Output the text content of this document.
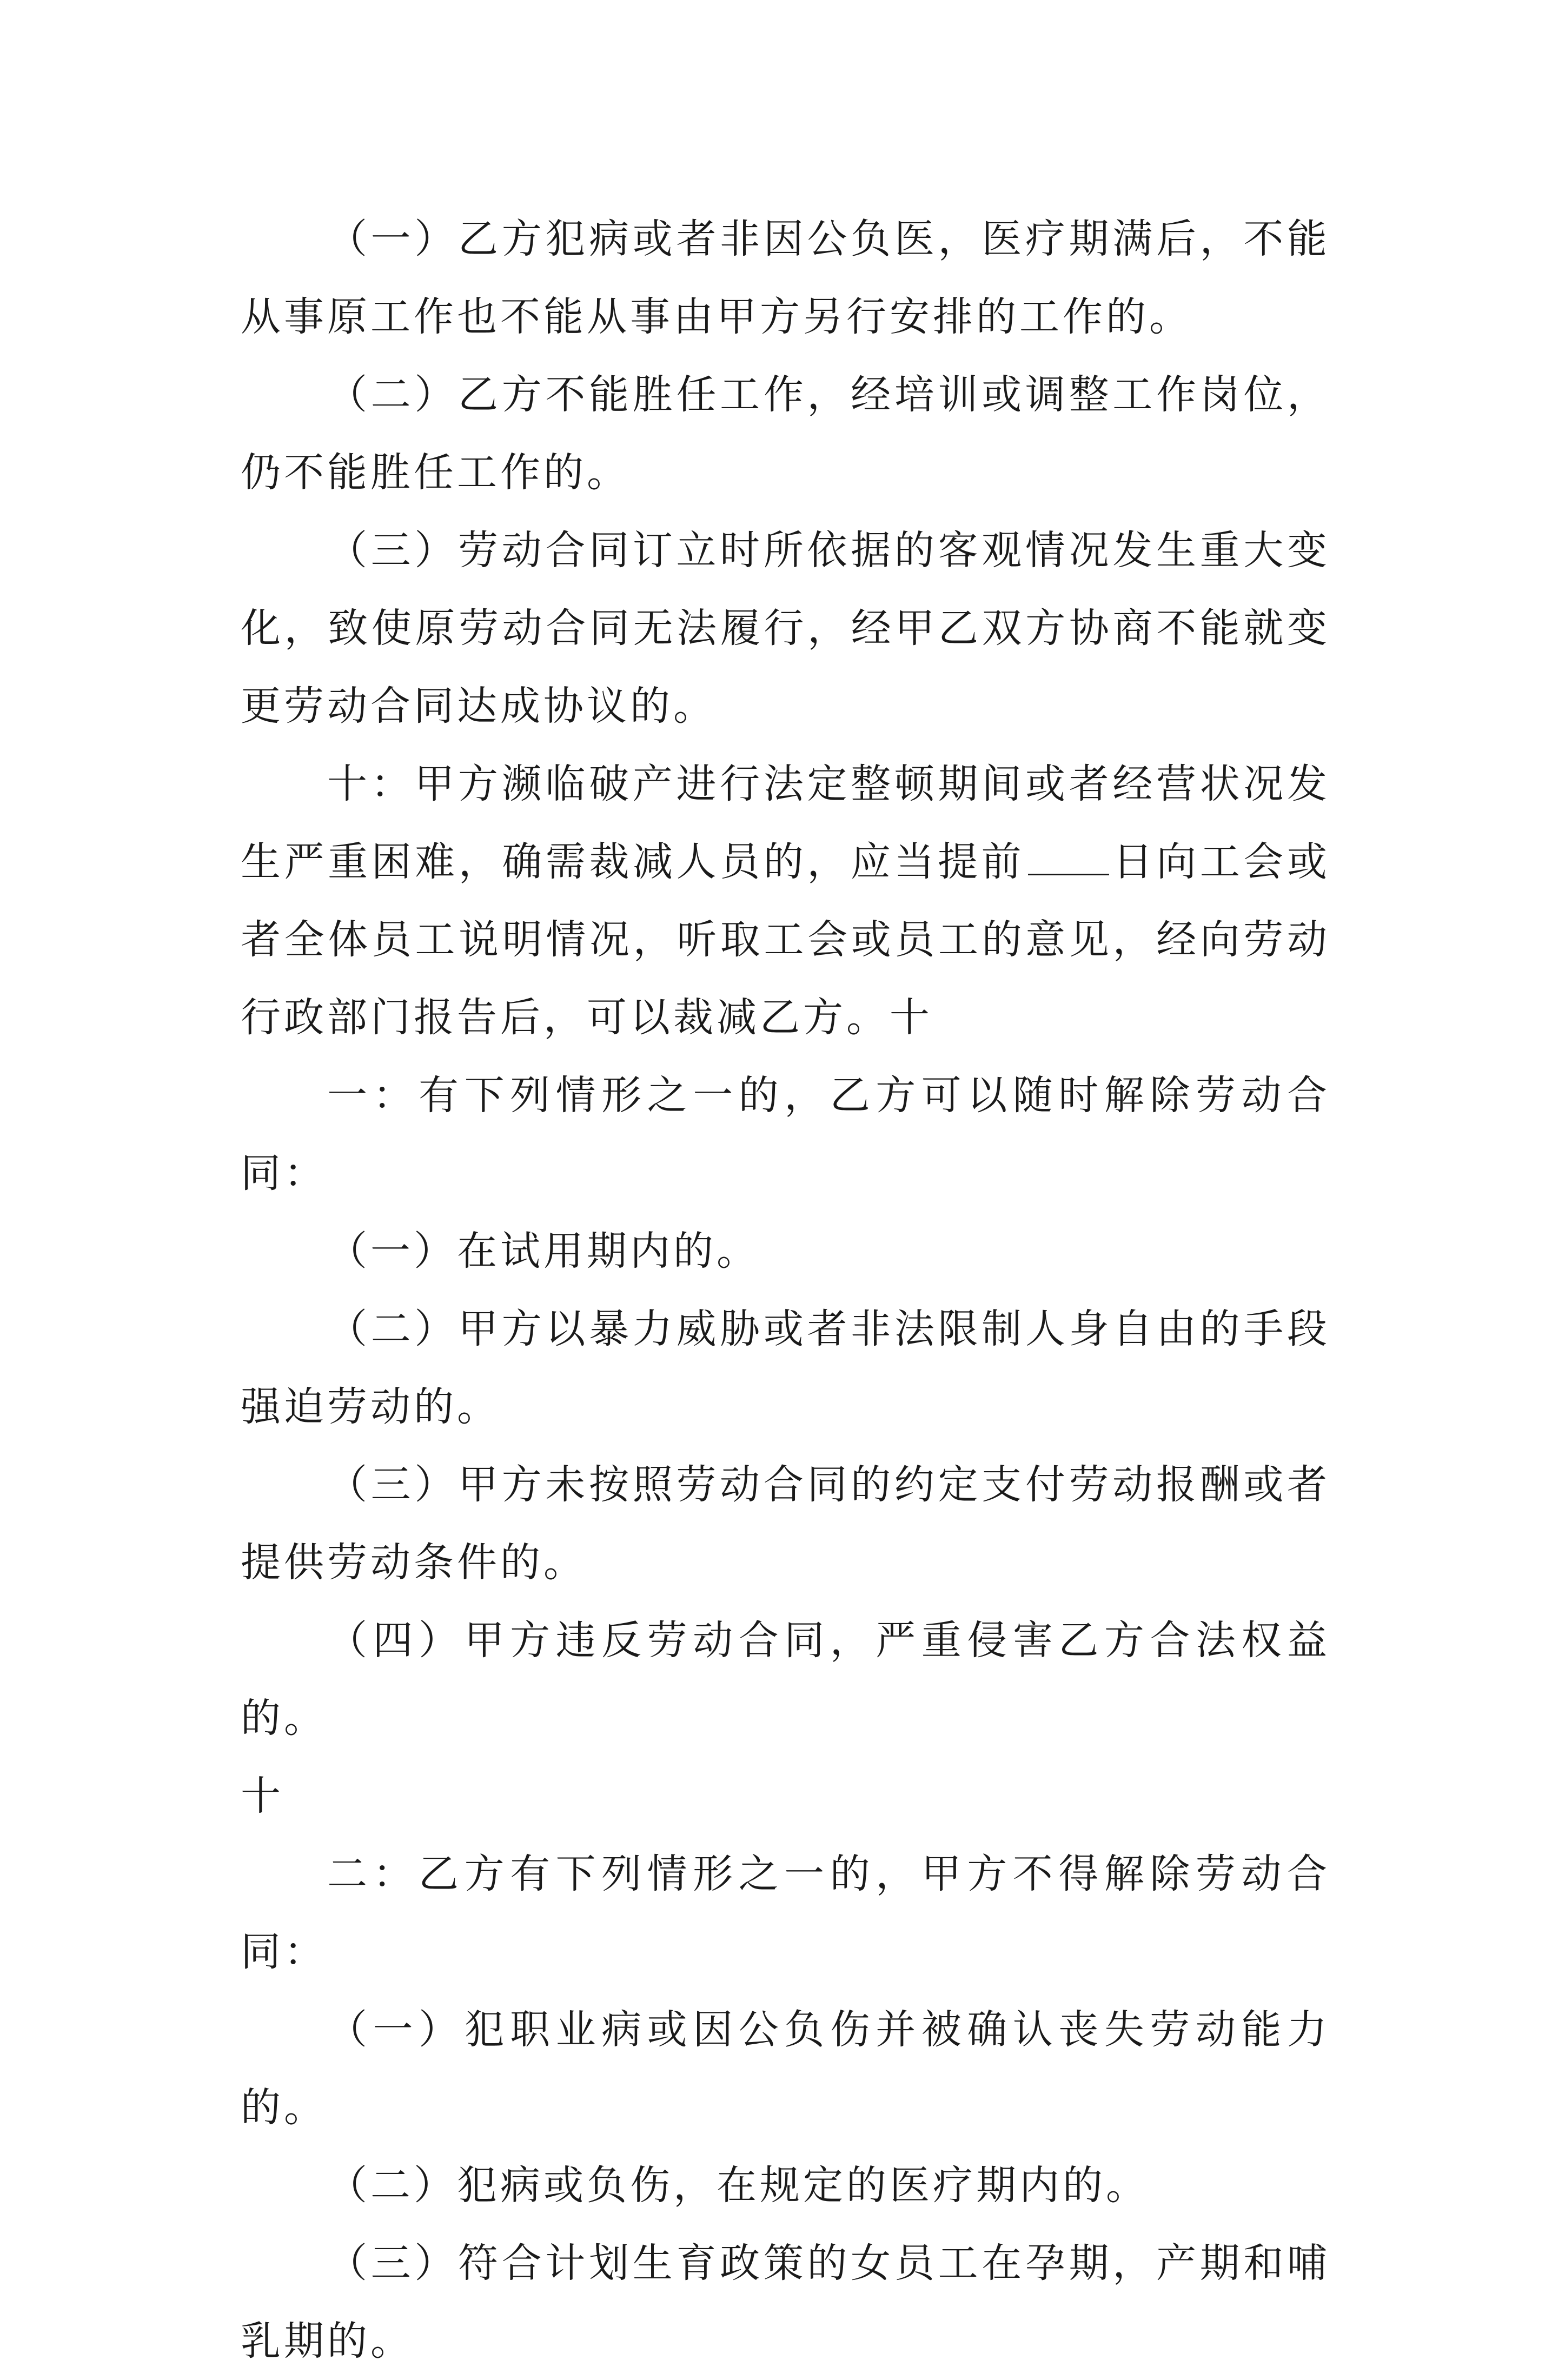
（一）乙方犯病或者非因公负医，医疗期满后，不能从事原工作也不能从事由甲方另行安排的工作的。

（二）乙方不能胜任工作，经培训或调整工作岗位，仍不能胜任工作的。

（三）劳动合同订立时所依据的客观情况发生重大变化，致使原劳动合同无法履行，经甲乙双方协商不能就变更劳动合同达成协议的。

十：甲方濒临破产进行法定整顿期间或者经营状况发生严重困难，确需裁减人员的，应当提前 日向工会或者全体员工说明情况，听取工会或员工的意见，经向劳动行政部门报告后，可以裁减乙方。十

一：有下列情形之一的，乙方可以随时解除劳动合同：

（一）在试用期内的。

（二）甲方以暴力威胁或者非法限制人身自由的手段强迫劳动的。

（三）甲方未按照劳动合同的约定支付劳动报酬或者提供劳动条件的。

（四）甲方违反劳动合同，严重侵害乙方合法权益的。

十

二：乙方有下列情形之一的，甲方不得解除劳动合同：

（一）犯职业病或因公负伤并被确认丧失劳动能力的。

（二）犯病或负伤，在规定的医疗期内的。

（三）符合计划生育政策的女员工在孕期，产期和哺乳期的。
